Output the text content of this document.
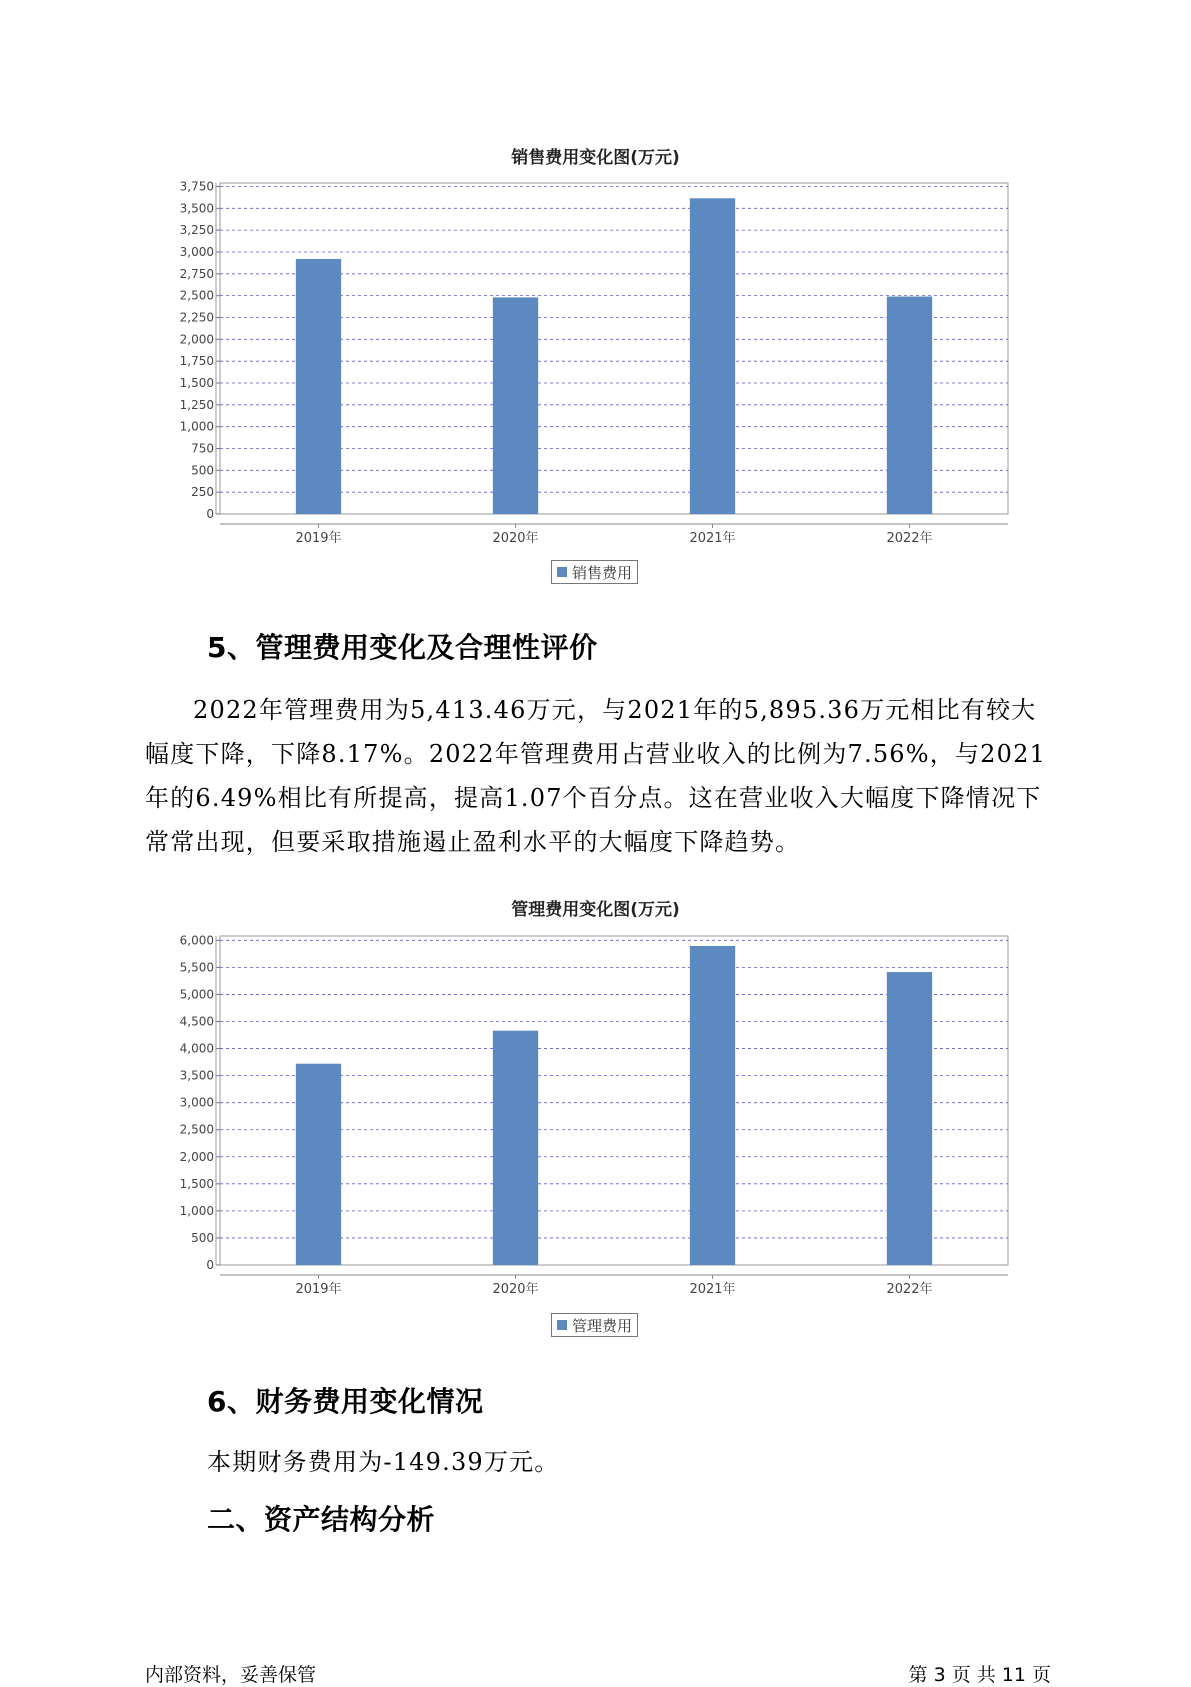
销售费用变化图(万元)
0
250
500
750
1,000
1,250
1,500
1,750
2,000
2,250
2,500
2,750
3,000
3,250
3,500
3,750
2019年	2020年	2021年	2022年
销售费用
5、管理费用变化及合理性评价

2022年管理费用为5,413.46万元，与2021年的5,895.36万元相比有较大幅度下降，下降8.17%。2022年管理费用占营业收入的比例为7.56%，与2021年的6.49%相比有所提高，提高1.07个百分点。这在营业收入大幅度下降情况下常常出现，但要采取措施遏止盈利水平的大幅度下降趋势。

管理费用变化图(万元)
0
500
1,000
1,500
2,000
2,500
3,000
3,500
4,000
4,500
5,000
5,500
6,000
2019年	2020年	2021年	2022年
管理费用
6、财务费用变化情况

本期财务费用为-149.39万元。

二、资产结构分析
内部资料，妥善保管	第 3 页 共 11 页
